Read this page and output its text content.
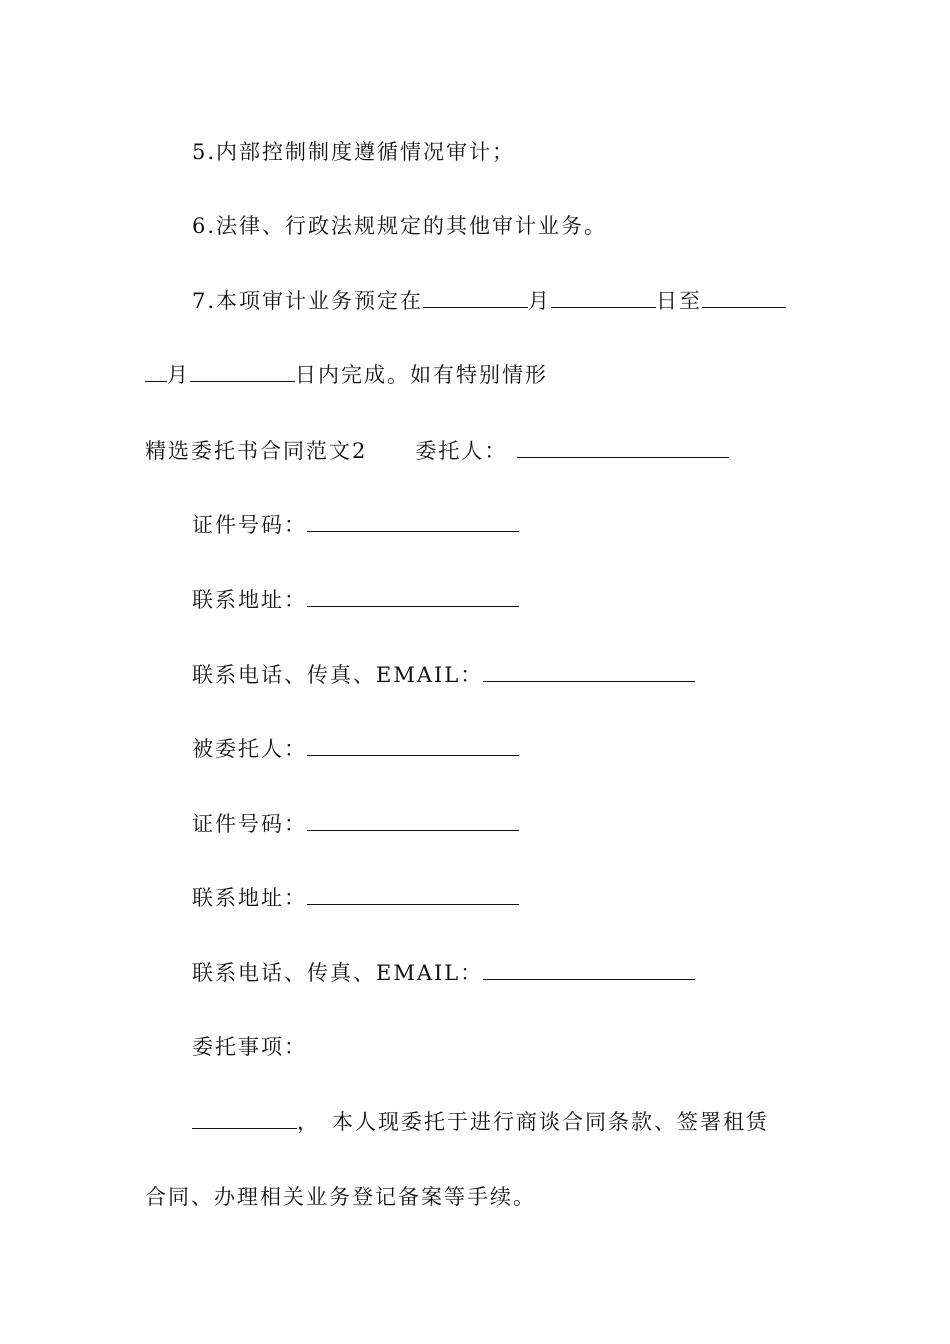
5.内部控制制度遵循情况审计；
6.法律、行政法规规定的其他审计业务。
7.本项审计业务预定在	月	日至
月	日内完成。如有特别情形
精选委托书合同范文2 委托人：
证件号码：
联系地址：
联系电话、传真、EMAIL：
被委托人：
证件号码：
联系地址：
联系电话、传真、EMAIL：
委托事项：
， 本人现委托于进行商谈合同条款、签署租赁
合同、办理相关业务登记备案等手续。
